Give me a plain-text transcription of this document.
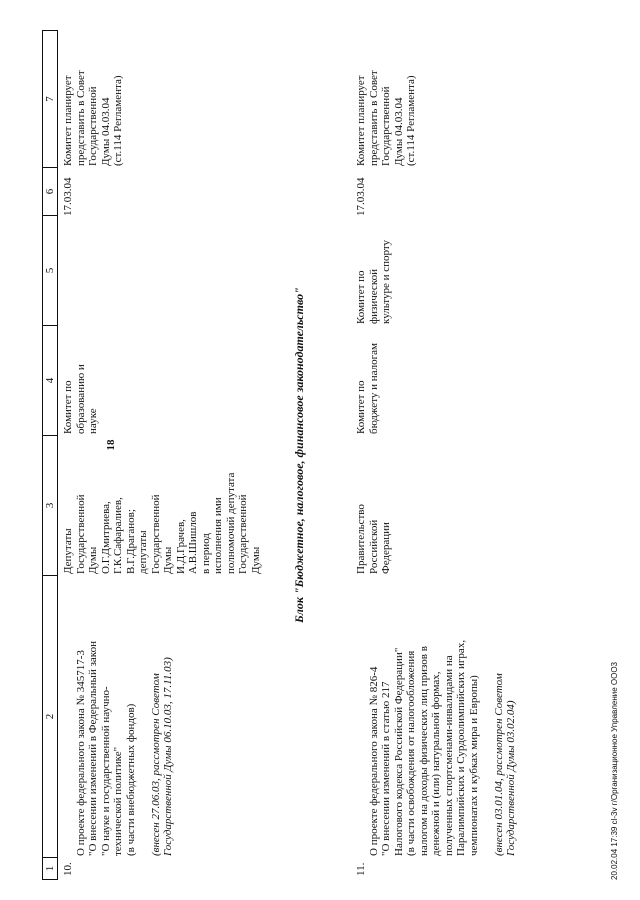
18
1
2
3
4
5
6
7
10.

О проекте федерального закона № 345717-3
"О внесении изменений в Федеральный закон
"О науке и государственной научно-
технической политике"
(в части внебюджетных фондов)

(внесен 27.06.03, рассмотрен Советом
Государственной Думы 06.10.03, 17.11.03)

Депутаты
Государственной
Думы
О.Г.Дмитриева,
Г.К.Сафаралиев,
В.Г.Драганов;
депутаты
Государственной
Думы
И.Д.Грачев,
А.В.Шишлов
в период
исполнения ими
полномочий депутата
Государственной
Думы
Комитет по
образованию и
науке
17.03.04
Комитет планирует
представить в Совет
Государственной
Думы 04.03.04
(ст.114 Регламента)
Блок "Бюджетное, налоговое, финансовое законодательство"
11.

О проекте федерального закона № 826-4
"О внесении изменений в статью 217
Налогового кодекса Российской Федерации"
(в части освобождения от налогообложения
налогом на доходы физических лиц призов в
денежной и (или) натуральной формах,
полученных спортсменами-инвалидами на
Паралимпийских и Сурдоолимпийских играх,
чемпионатах и кубках мира и Европы)

(внесен 03.01.04, рассмотрен Советом
Государственной Думы 03.02.04)

Правительство
Российской
Федерации
Комитет по
бюджету и налогам
Комитет по
физической
культуре и спорту
17.03.04
Комитет планирует
представить в Совет
Государственной
Думы 04.03.04
(ст.114 Регламента)
20.02.04 17:39 cl-3v г/Организационное Управление ООО3
